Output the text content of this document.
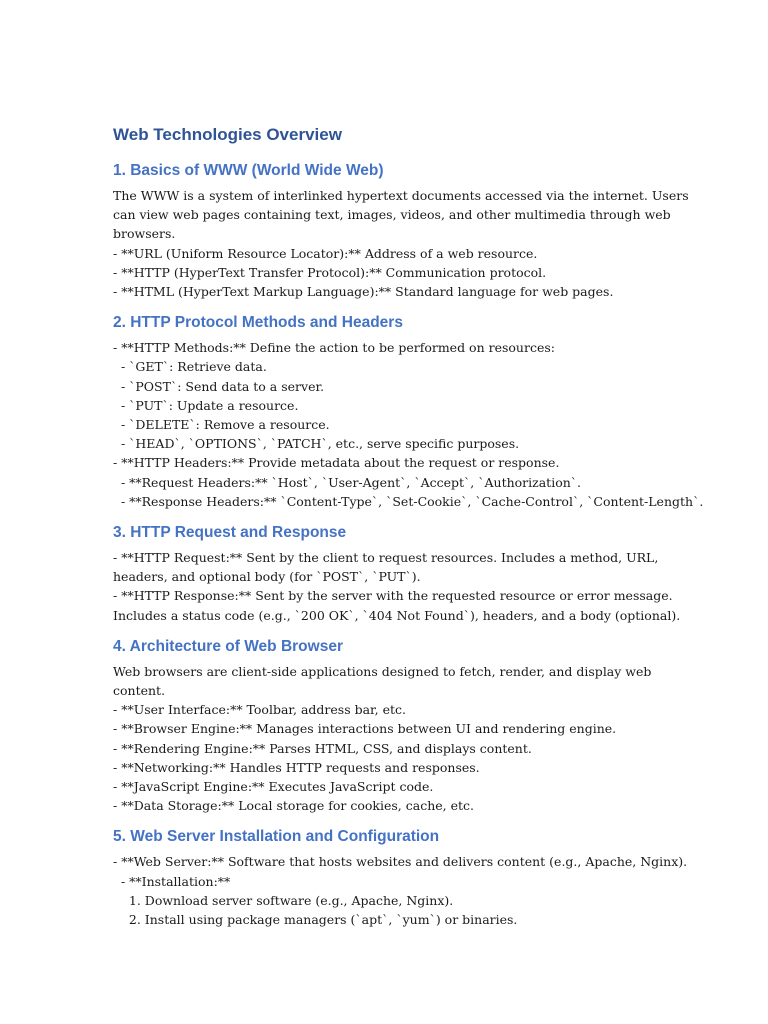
Web Technologies Overview
1. Basics of WWW (World Wide Web)

The WWW is a system of interlinked hypertext documents accessed via the internet. Users

can view web pages containing text, images, videos, and other multimedia through web

browsers.

- **URL (Uniform Resource Locator):** Address of a web resource.

- **HTTP (HyperText Transfer Protocol):** Communication protocol.

- **HTML (HyperText Markup Language):** Standard language for web pages.

2. HTTP Protocol Methods and Headers

- **HTTP Methods:** Define the action to be performed on resources:

- `GET`: Retrieve data.

- `POST`: Send data to a server.

- `PUT`: Update a resource.

- `DELETE`: Remove a resource.

- `HEAD`, `OPTIONS`, `PATCH`, etc., serve specific purposes.

- **HTTP Headers:** Provide metadata about the request or response.

- **Request Headers:** `Host`, `User-Agent`, `Accept`, `Authorization`.

- **Response Headers:** `Content-Type`, `Set-Cookie`, `Cache-Control`, `Content-Length`.

3. HTTP Request and Response

- **HTTP Request:** Sent by the client to request resources. Includes a method, URL,

headers, and optional body (for `POST`, `PUT`).

- **HTTP Response:** Sent by the server with the requested resource or error message.

Includes a status code (e.g., `200 OK`, `404 Not Found`), headers, and a body (optional).

4. Architecture of Web Browser

Web browsers are client-side applications designed to fetch, render, and display web

content.

- **User Interface:** Toolbar, address bar, etc.

- **Browser Engine:** Manages interactions between UI and rendering engine.

- **Rendering Engine:** Parses HTML, CSS, and displays content.

- **Networking:** Handles HTTP requests and responses.

- **JavaScript Engine:** Executes JavaScript code.

- **Data Storage:** Local storage for cookies, cache, etc.

5. Web Server Installation and Configuration

- **Web Server:** Software that hosts websites and delivers content (e.g., Apache, Nginx).

- **Installation:**

1. Download server software (e.g., Apache, Nginx).

2. Install using package managers (`apt`, `yum`) or binaries.
